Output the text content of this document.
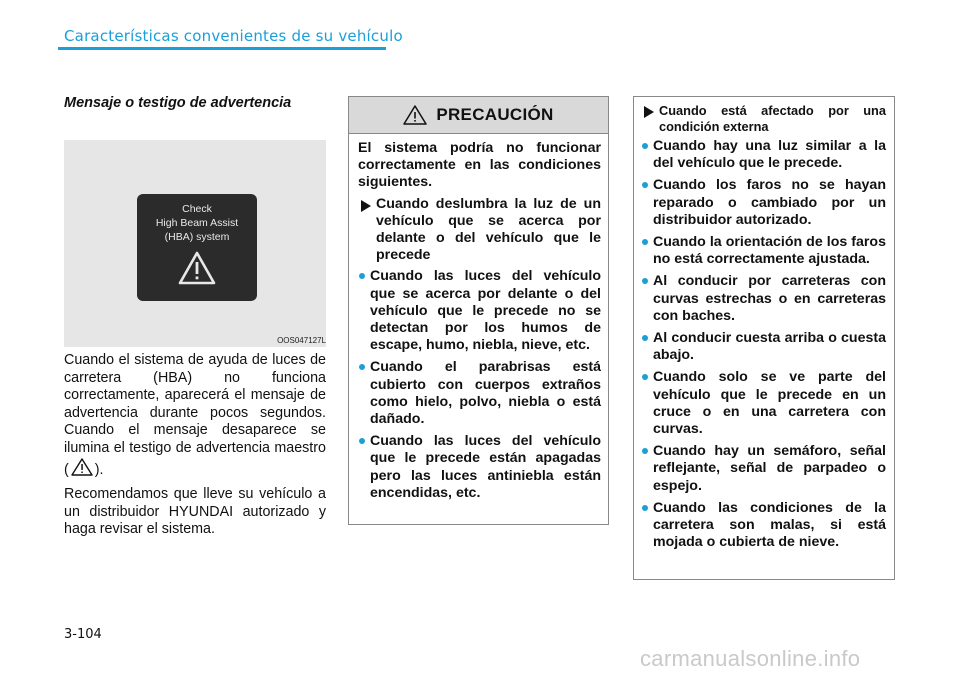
Características convenientes de su vehículo
Mensaje o testigo de advertencia
Check
High Beam Assist
(HBA) system
OOS047127L

Cuando el sistema de ayuda de luces de carretera (HBA) no funciona correctamente, aparecerá el mensaje de advertencia durante pocos segundos. Cuando el mensaje desaparece se ilumina el testigo de advertencia maestro ( ).

Recomendamos que lleve su vehículo a un distribuidor HYUNDAI autorizado y haga revisar el sistema.

PRECAUCIÓN
El sistema podría no funcionar correctamente en las condiciones siguientes.
Cuando deslumbra la luz de un vehículo que se acerca por delante o del vehículo que le precede
Cuando las luces del vehículo que se acerca por delante o del vehículo que le precede no se detectan por los humos de escape, humo, niebla, nieve, etc.
Cuando el parabrisas está cubierto con cuerpos extraños como hielo, polvo, niebla o está dañado.
Cuando las luces del vehículo que le precede están apagadas pero las luces antiniebla están encendidas, etc.
Cuando está afectado por una condición externa
Cuando hay una luz similar a la del vehículo que le precede.
Cuando los faros no se hayan reparado o cambiado por un distribuidor autorizado.
Cuando la orientación de los faros no está correctamente ajustada.
Al conducir por carreteras con curvas estrechas o en carreteras con baches.
Al conducir cuesta arriba o cuesta abajo.
Cuando solo se ve parte del vehículo que le precede en un cruce o en una carretera con curvas.
Cuando hay un semáforo, señal reflejante, señal de parpadeo o espejo.
Cuando las condiciones de la carretera son malas, si está mojada o cubierta de nieve.
3-104
carmanualsonline.info
